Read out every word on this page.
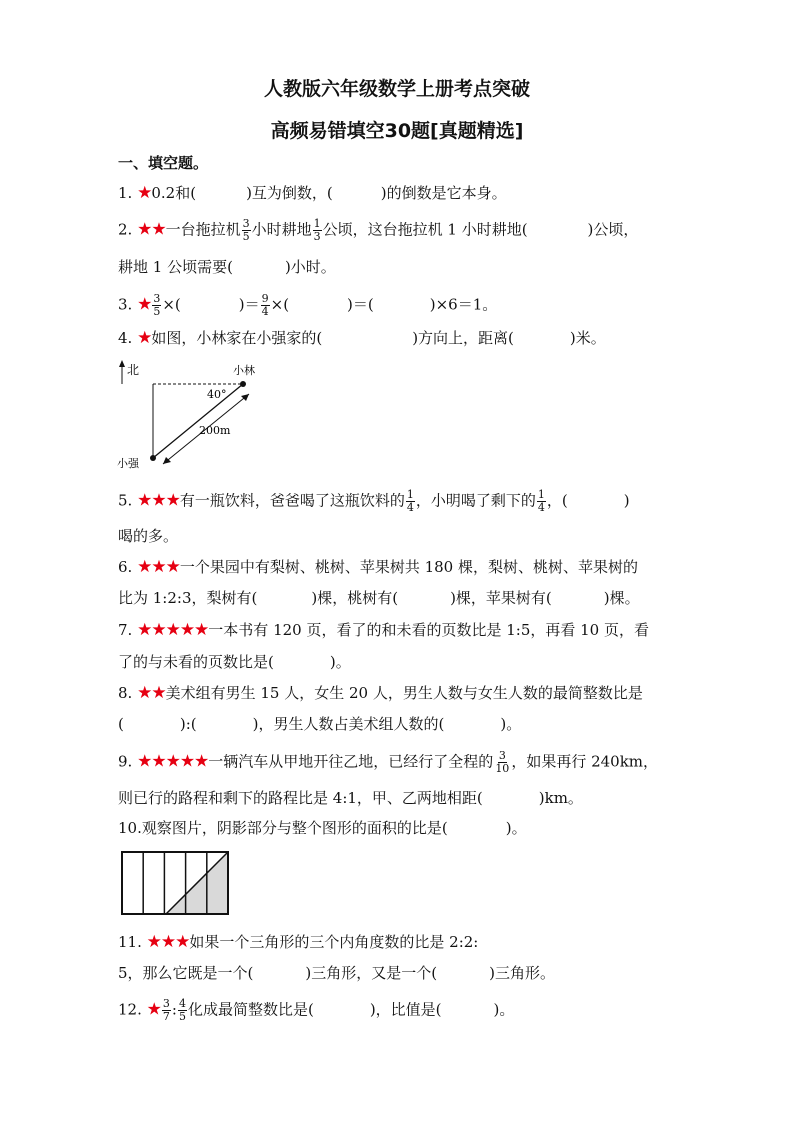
人教版六年级数学上册考点突破
高频易错填空30题[真题精选]
一、填空题。
1. ★0.2和(	)互为倒数，(	)的倒数是它本身。
2. ★★一台拖拉机 $\frac{3}{5}$ 小时耕地 $\frac{1}{3}$ 公顷，这台拖拉机 1 小时耕地(	)公顷，
耕地 1 公顷需要(	)小时。
3. ★ $\frac{3}{5}$ ×(	)＝ $\frac{9}{4}$ ×(	)＝(	)×6＝1。
4. ★如图，小林家在小强家的(	)方向上，距离(	)米。
北	小林
小强
40°
200m
5. ★★★有一瓶饮料，爸爸喝了这瓶饮料的 $\frac{1}{4}$ ，小明喝了剩下的 $\frac{1}{4}$ ，(	)
喝的多。
6. ★★★一个果园中有梨树、桃树、苹果树共 180 棵，梨树、桃树、苹果树的
比为 1:2:3，梨树有(	)棵，桃树有(	)棵，苹果树有(	)棵。
7. ★★★★★一本书有 120 页，看了的和未看的页数比是 1:5，再看 10 页，看
了的与未看的页数比是(	)。
8. ★★美术组有男生 15 人，女生 20 人，男生人数与女生人数的最简整数比是
(	):(	)，男生人数占美术组人数的(	)。
9. ★★★★★一辆汽车从甲地开往乙地，已经行了全程的 $\frac{3}{10}$ ，如果再行 240km，
则已行的路程和剩下的路程比是 4:1，甲、乙两地相距(	)km。
10.观察图片，阴影部分与整个图形的面积的比是(	)。
11. ★★★如果一个三角形的三个内角度数的比是 2:2:
5，那么它既是一个(	)三角形，又是一个(	)三角形。
12. ★ $\frac{3}{7}$ : $\frac{4}{5}$ 化成最简整数比是(	)，比值是(	)。
